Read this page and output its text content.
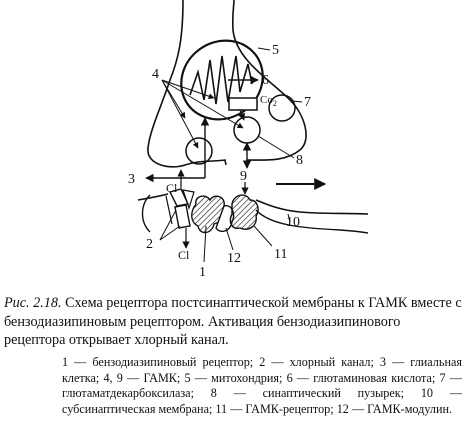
4
5
6
$Co_2$ 7
8
9
3
Cl
Cl
2
1
12 11
10

Рис. 2.18. Схема рецептора постсинаптической мембраны к ГАМК вместе с бензодиазипиновым рецептором. Активация бензодиазипинового рецептора открывает хлорный канал.

1 — бензодиазипиновый рецептор; 2 — хлорный канал; 3 — глиальная клетка; 4, 9 — ГАМК; 5 — митохондрия; 6 — глютаминовая кислота; 7 — глютаматдекарбоксилаза; 8 — синаптический пузырек; 10 — субсинаптическая мембрана; 11 — ГАМК-рецептор; 12 — ГАМК-модулин.
